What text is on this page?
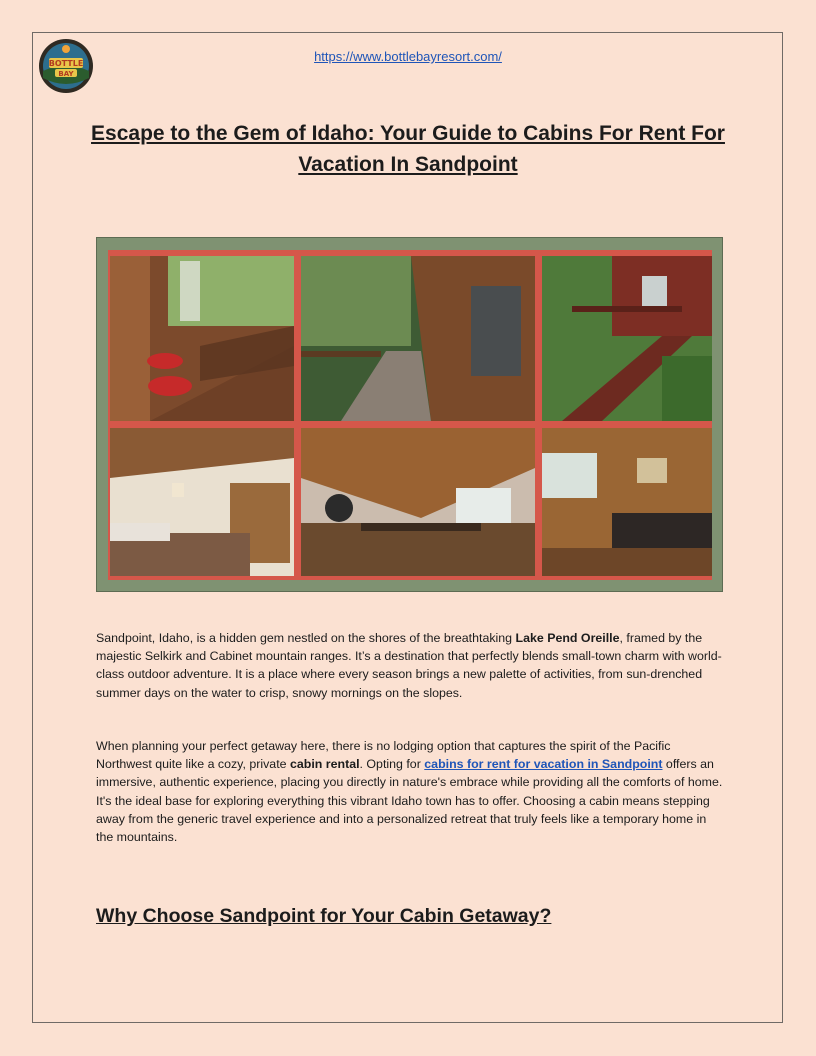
BOTTLE
BAY
https://www.bottlebayresort.com/
Escape to the Gem of Idaho: Your Guide to Cabins For Rent For Vacation In Sandpoint

Sandpoint, Idaho, is a hidden gem nestled on the shores of the breathtaking Lake Pend Oreille, framed by the majestic Selkirk and Cabinet mountain ranges. It’s a destination that perfectly blends small-town charm with world-class outdoor adventure. It is a place where every season brings a new palette of activities, from sun-drenched summer days on the water to crisp, snowy mornings on the slopes.

When planning your perfect getaway here, there is no lodging option that captures the spirit of the Pacific Northwest quite like a cozy, private cabin rental. Opting for cabins for rent for vacation in Sandpoint offers an immersive, authentic experience, placing you directly in nature's embrace while providing all the comforts of home. It's the ideal base for exploring everything this vibrant Idaho town has to offer. Choosing a cabin means stepping away from the generic travel experience and into a personalized retreat that truly feels like a temporary home in the mountains.

Why Choose Sandpoint for Your Cabin Getaway?
